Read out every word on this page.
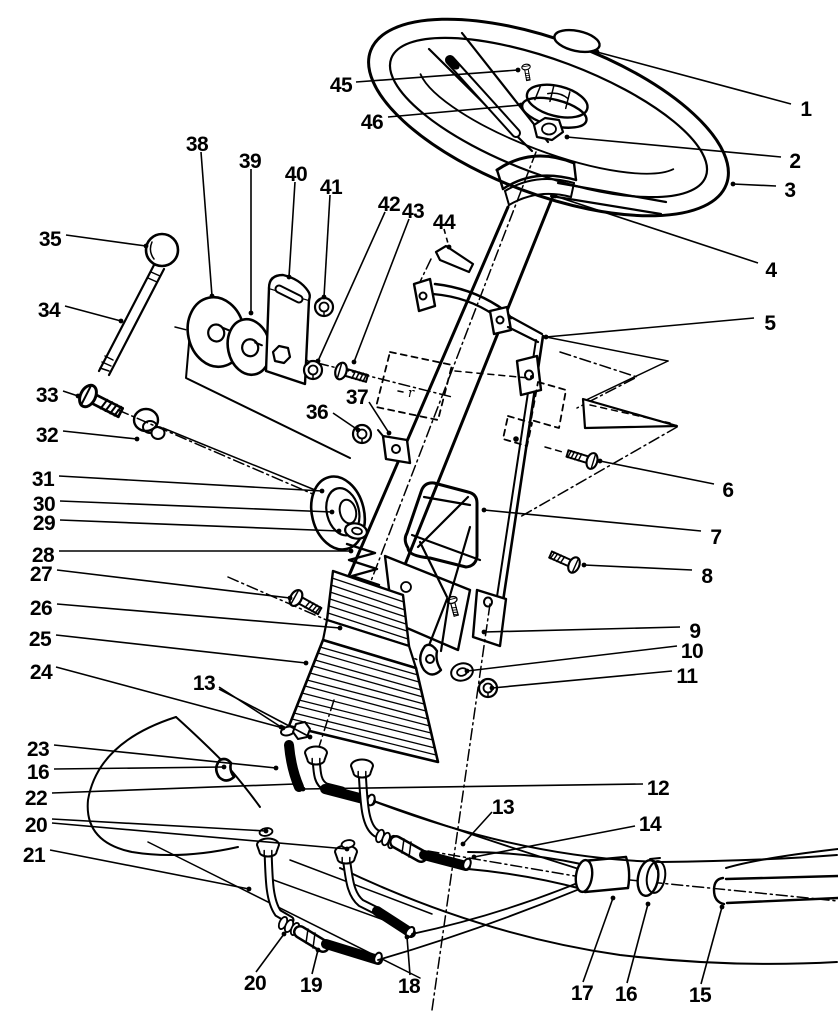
r
1
2
3
4
5
6
7
8
9
10
11
12
13
13
14
15
16
16
17
18
19
20
20
21
22
23
24
25
26
27
28
29
30
31
32
33
34
35
36
37
38
39
40
41
42 43 44
45
46
